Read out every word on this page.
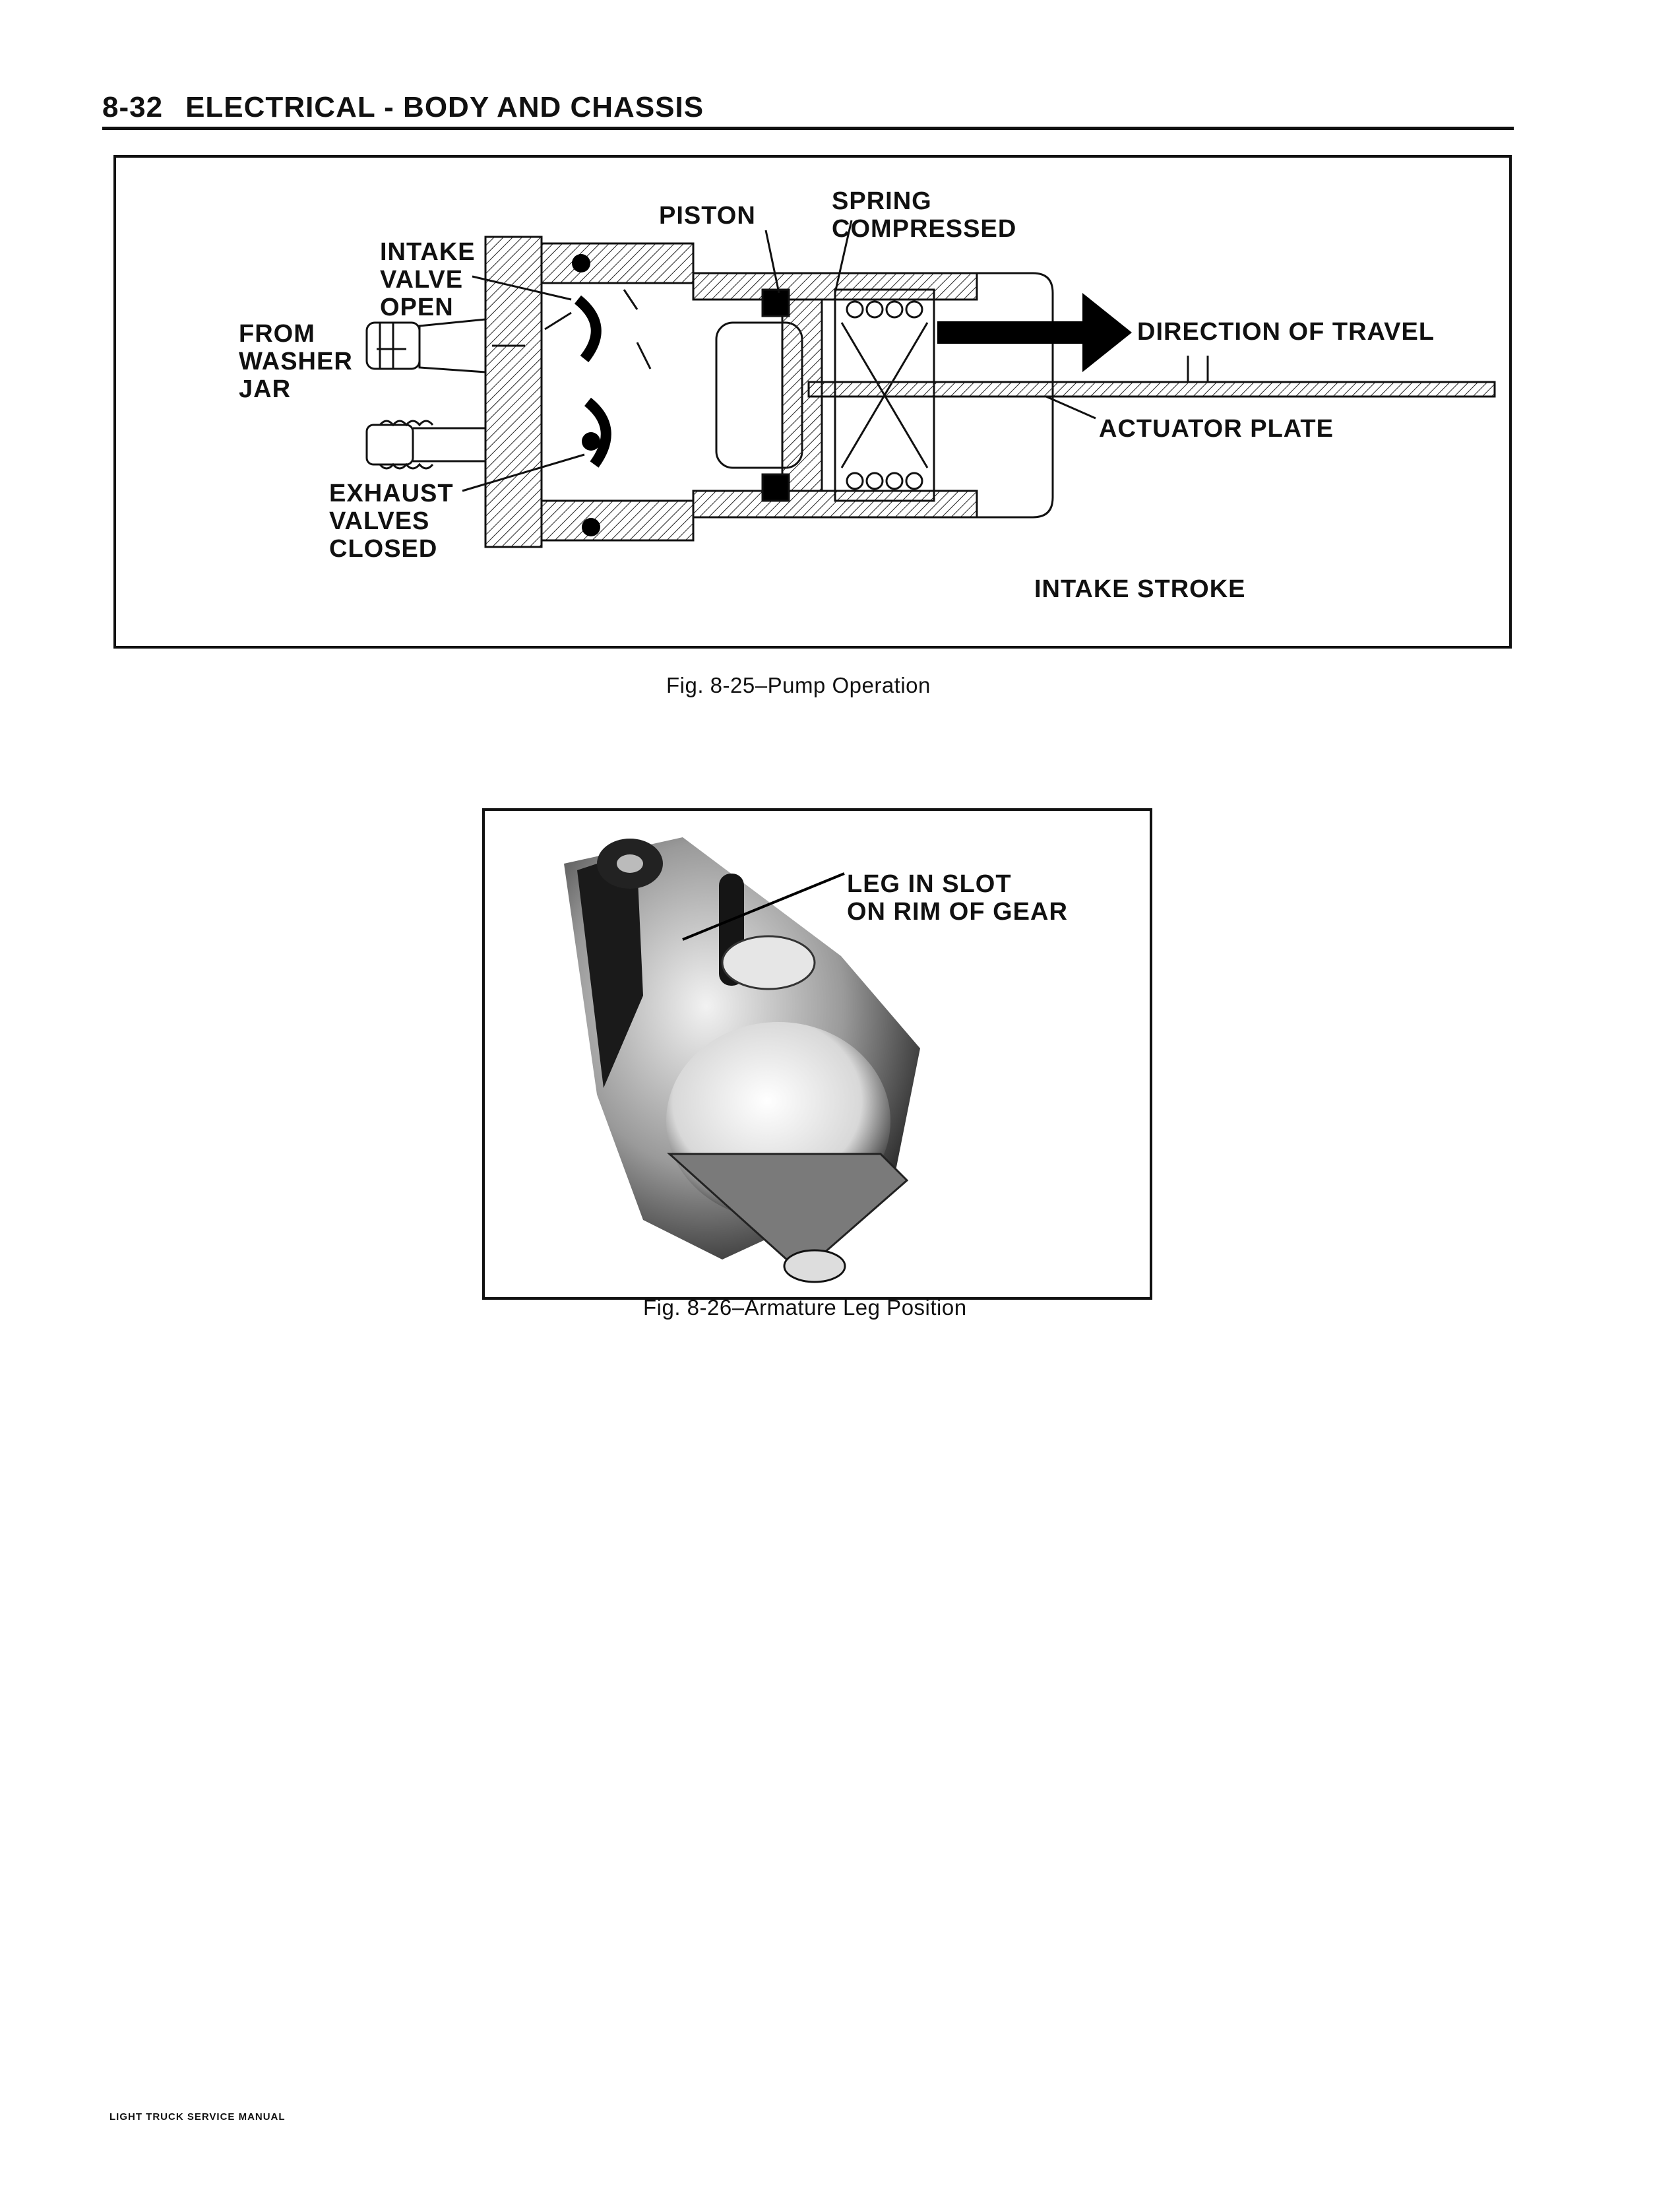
8-32 ELECTRICAL - BODY AND CHASSIS
PISTON
SPRING
COMPRESSED
INTAKE
VALVE
OPEN
FROM
WASHER
JAR
EXHAUST
VALVES
CLOSED
DIRECTION OF TRAVEL
ACTUATOR PLATE
INTAKE STROKE
Fig. 8-25–Pump Operation
LEG IN SLOT
ON RIM OF GEAR
Fig. 8-26–Armature Leg Position
LIGHT TRUCK SERVICE MANUAL
